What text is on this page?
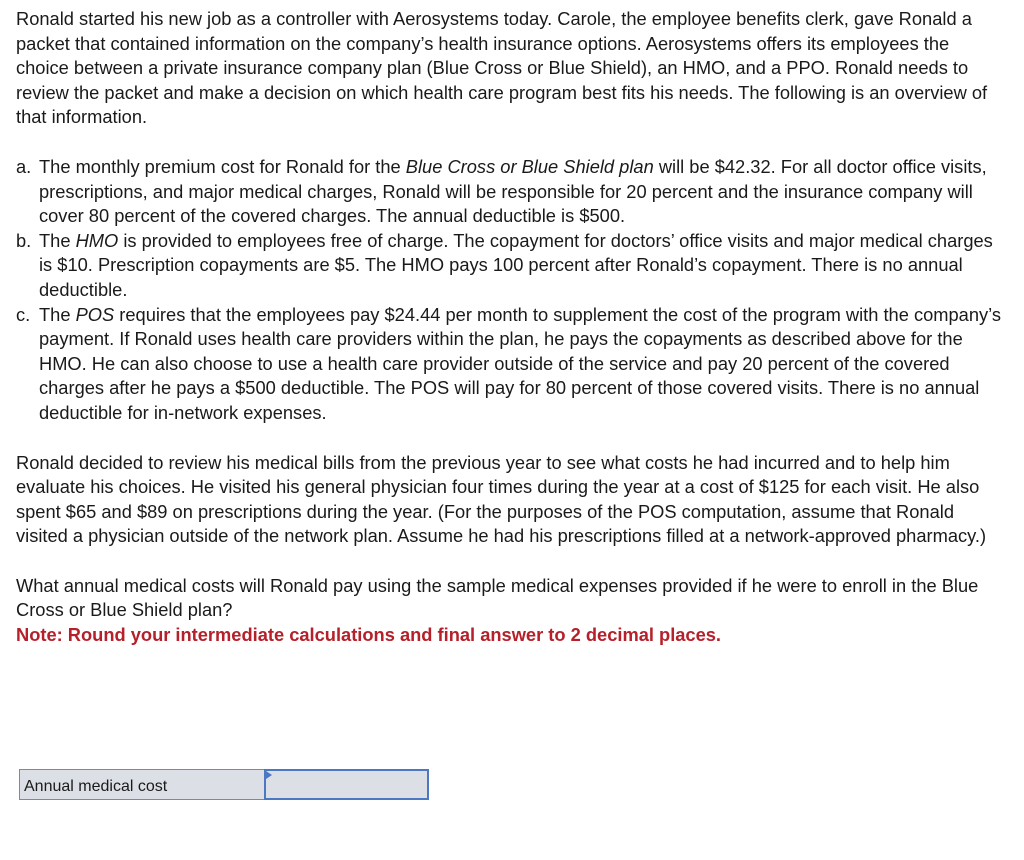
Ronald started his new job as a controller with Aerosystems today. Carole, the employee benefits clerk, gave Ronald a packet that contained information on the company’s health insurance options. Aerosystems offers its employees the choice between a private insurance company plan (Blue Cross or Blue Shield), an HMO, and a PPO. Ronald needs to review the packet and make a decision on which health care program best fits his needs. The following is an overview of that information.

a. The monthly premium cost for Ronald for the Blue Cross or Blue Shield plan will be $42.32. For all doctor office visits, prescriptions, and major medical charges, Ronald will be responsible for 20 percent and the insurance company will cover 80 percent of the covered charges. The annual deductible is $500.
b. The HMO is provided to employees free of charge. The copayment for doctors’ office visits and major medical charges is $10. Prescription copayments are $5. The HMO pays 100 percent after Ronald’s copayment. There is no annual deductible.
c. The POS requires that the employees pay $24.44 per month to supplement the cost of the program with the company’s payment. If Ronald uses health care providers within the plan, he pays the copayments as described above for the HMO. He can also choose to use a health care provider outside of the service and pay 20 percent of the covered charges after he pays a $500 deductible. The POS will pay for 80 percent of those covered visits. There is no annual deductible for in-network expenses.

Ronald decided to review his medical bills from the previous year to see what costs he had incurred and to help him evaluate his choices. He visited his general physician four times during the year at a cost of $125 for each visit. He also spent $65 and $89 on prescriptions during the year. (For the purposes of the POS computation, assume that Ronald visited a physician outside of the network plan. Assume he had his prescriptions filled at a network-approved pharmacy.)

What annual medical costs will Ronald pay using the sample medical expenses provided if he were to enroll in the Blue Cross or Blue Shield plan?

Note: Round your intermediate calculations and final answer to 2 decimal places.

Annual medical cost
